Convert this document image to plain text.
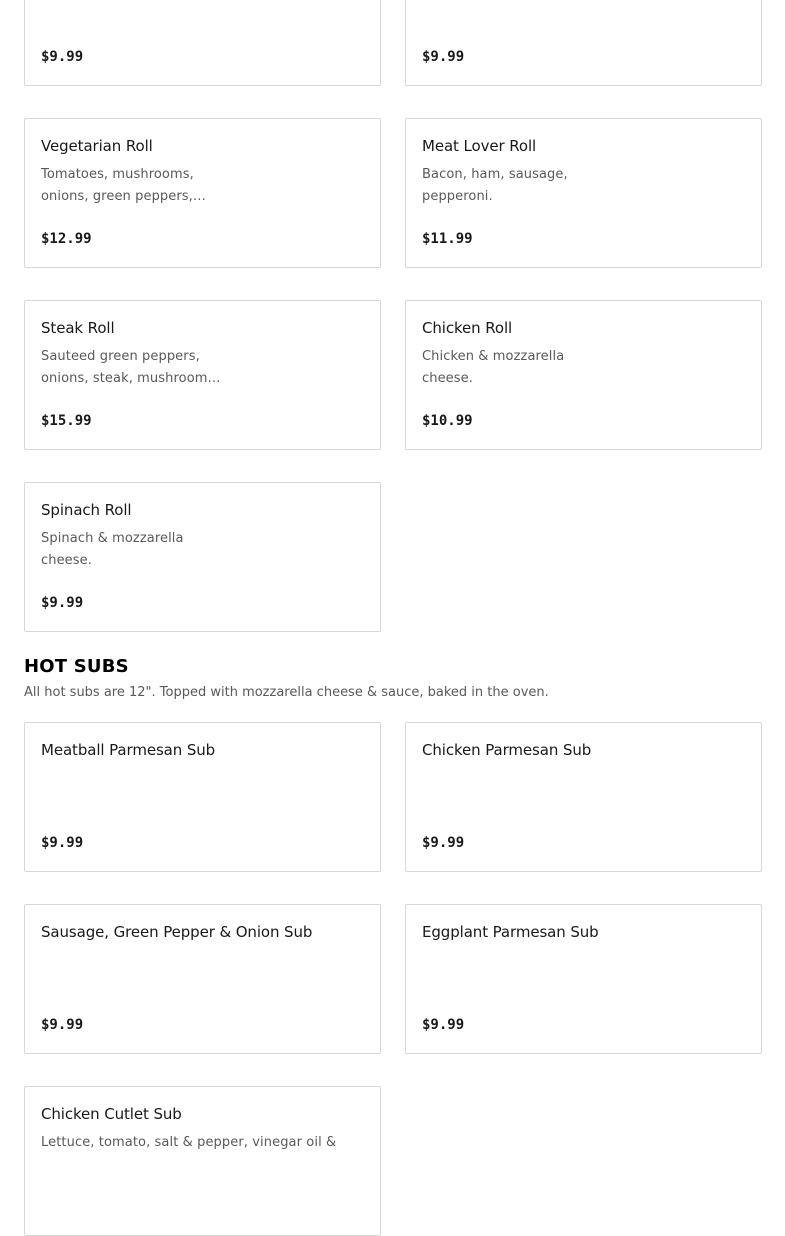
$9.99	$9.99
Vegetarian Roll
Tomatoes, mushrooms,
onions, green peppers,…
$12.99
Meat Lover Roll
Bacon, ham, sausage,
pepperoni.
$11.99
Steak Roll
Sauteed green peppers,
onions, steak, mushroom…
$15.99
Chicken Roll
Chicken & mozzarella
cheese.
$10.99
Spinach Roll
Spinach & mozzarella
cheese.
$9.99
HOT SUBS
All hot subs are 12". Topped with mozzarella cheese & sauce, baked in the oven.
Meatball Parmesan Sub
$9.99
Chicken Parmesan Sub
$9.99
Sausage, Green Pepper & Onion Sub
$9.99
Eggplant Parmesan Sub
$9.99
Chicken Cutlet Sub
Lettuce, tomato, salt & pepper, vinegar oil &
